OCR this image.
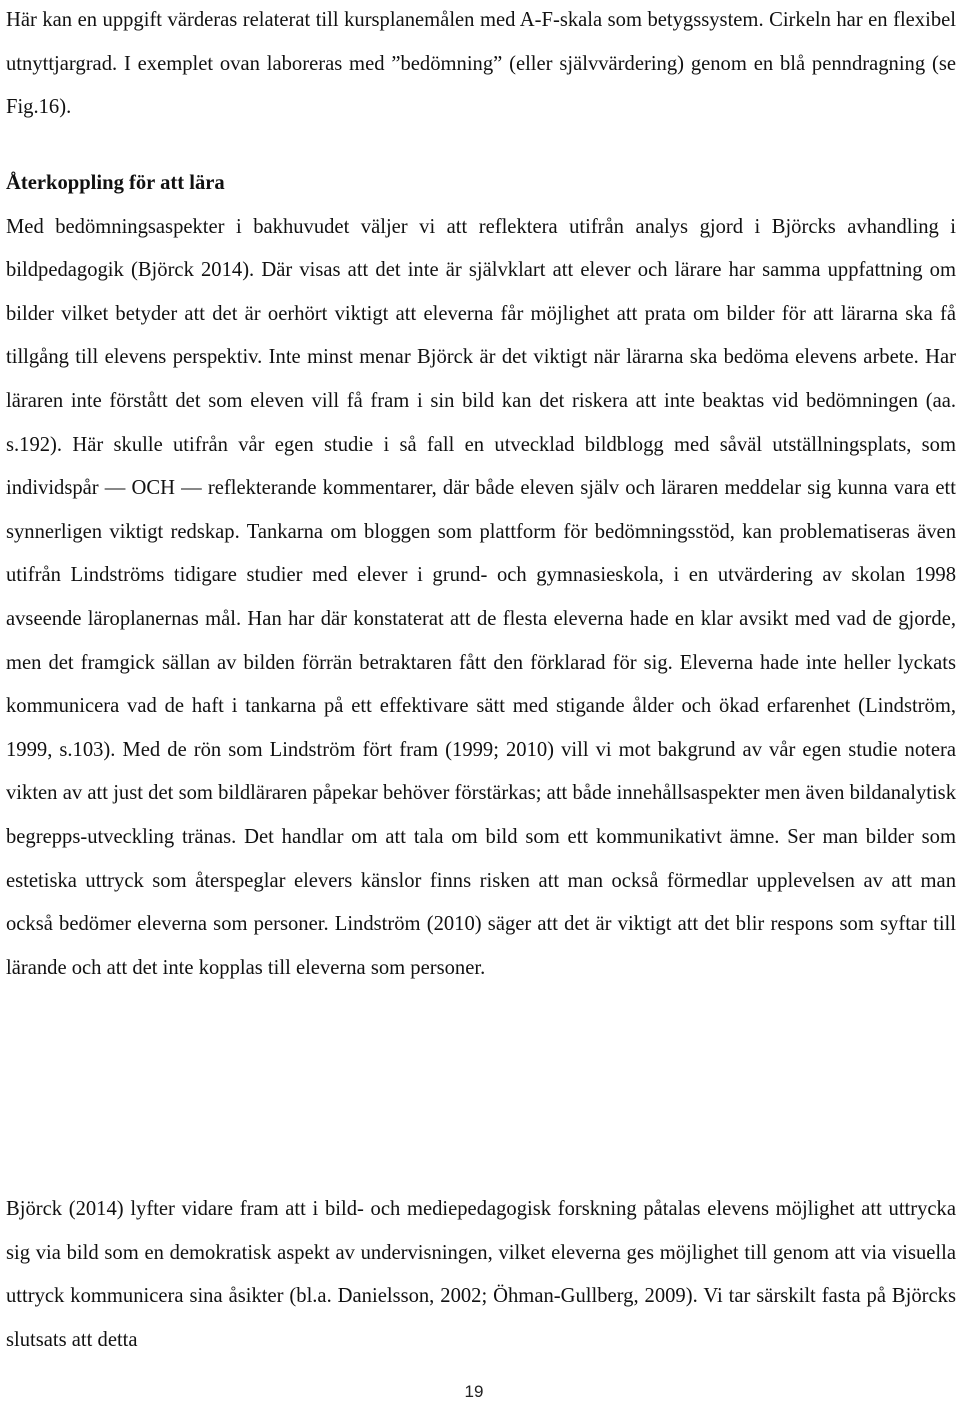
Här kan en uppgift värderas relaterat till kursplanemålen med A-F-skala som betygssystem. Cirkeln har en flexibel utnyttjargrad. I exemplet ovan laboreras med ”bedömning” (eller självvärdering) genom en blå penndragning (se Fig.16).

Återkoppling för att lära

Med bedömningsaspekter i bakhuvudet väljer vi att reflektera utifrån analys gjord i Björcks avhandling i bildpedagogik (Björck 2014). Där visas att det inte är självklart att elever och lärare har samma uppfattning om bilder vilket betyder att det är oerhört viktigt att eleverna får möjlighet att prata om bilder för att lärarna ska få tillgång till elevens perspektiv. Inte minst menar Björck är det viktigt när lärarna ska bedöma elevens arbete. Har läraren inte förstått det som eleven vill få fram i sin bild kan det riskera att inte beaktas vid bedömningen (aa. s.192). Här skulle utifrån vår egen studie i så fall en utvecklad bildblogg med såväl utställningsplats, som individspår — OCH — reflekterande kommentarer, där både eleven själv och läraren meddelar sig kunna vara ett synnerligen viktigt redskap. Tankarna om bloggen som plattform för bedömningsstöd, kan problematiseras även utifrån Lindströms tidigare studier med elever i grund- och gymnasieskola, i en utvärdering av skolan 1998 avseende läroplanernas mål. Han har där konstaterat att de flesta eleverna hade en klar avsikt med vad de gjorde, men det framgick sällan av bilden förrän betraktaren fått den förklarad för sig. Eleverna hade inte heller lyckats kommunicera vad de haft i tankarna på ett effektivare sätt med stigande ålder och ökad erfarenhet (Lindström, 1999, s.103). Med de rön som Lindström fört fram (1999; 2010) vill vi mot bakgrund av vår egen studie notera vikten av att just det som bildläraren påpekar behöver förstärkas; att både innehållsaspekter men även bildanalytisk begrepps-utveckling tränas. Det handlar om att tala om bild som ett kommunikativt ämne. Ser man bilder som estetiska uttryck som återspeglar elevers känslor finns risken att man också förmedlar upplevelsen av att man också bedömer eleverna som personer. Lindström (2010) säger att det är viktigt att det blir respons som syftar till lärande och att det inte kopplas till eleverna som personer.

Björck (2014) lyfter vidare fram att i bild- och mediepedagogisk forskning påtalas elevens möjlighet att uttrycka sig via bild som en demokratisk aspekt av undervisningen, vilket eleverna ges möjlighet till genom att via visuella uttryck kommunicera sina åsikter (bl.a. Danielsson, 2002; Öhman-Gullberg, 2009). Vi tar särskilt fasta på Björcks slutsats att detta

19
